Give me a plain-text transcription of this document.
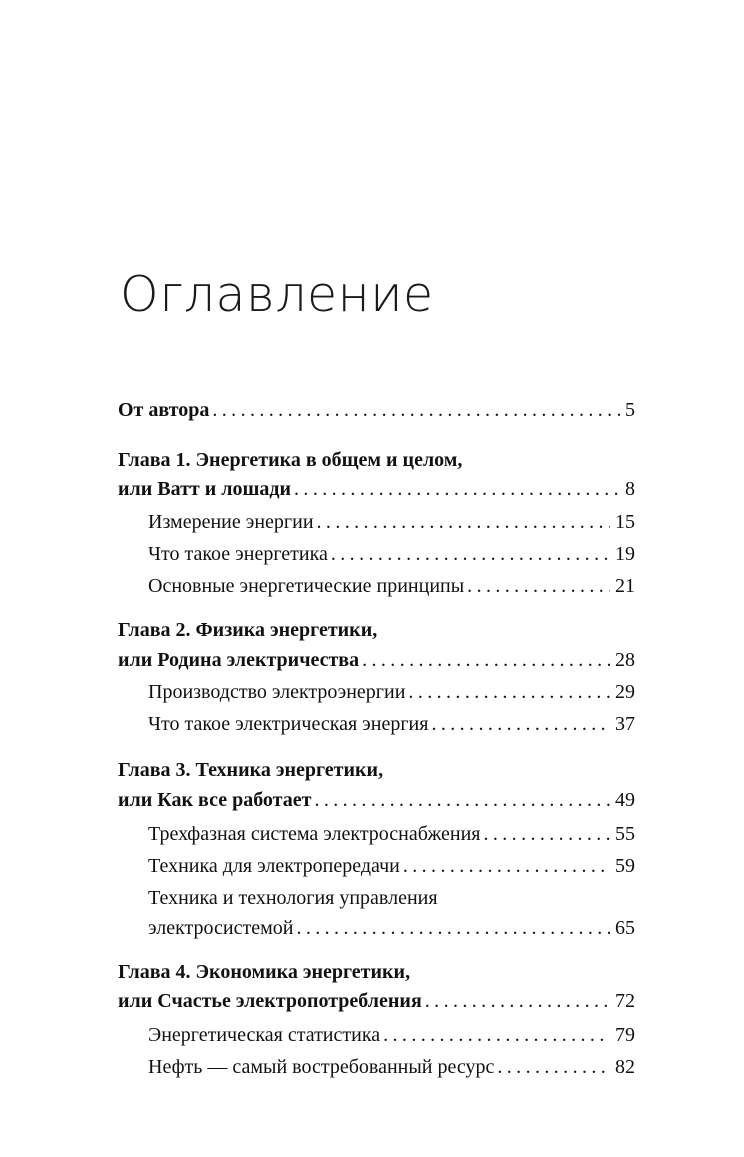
Оглавление
От автора .....	5
Глава 1. Энергетика в общем и целом,
или Ватт и лошади .....	8
Измерение энергии .....	15
Что такое энергетика .....	19
Основные энергетические принципы .....	21
Глава 2. Физика энергетики,
или Родина электричества .....	28
Производство электроэнергии .....	29
Что такое электрическая энергия .....	37
Глава 3. Техника энергетики,
или Как все работает .....	49
Трехфазная система электроснабжения .....	55
Техника для электропередачи .....	59
Техника и технология управления
электросистемой .....	65
Глава 4. Экономика энергетики,
или Счастье электропотребления .....	72
Энергетическая статистика .....	79
Нефть — самый востребованный ресурс .....	82
